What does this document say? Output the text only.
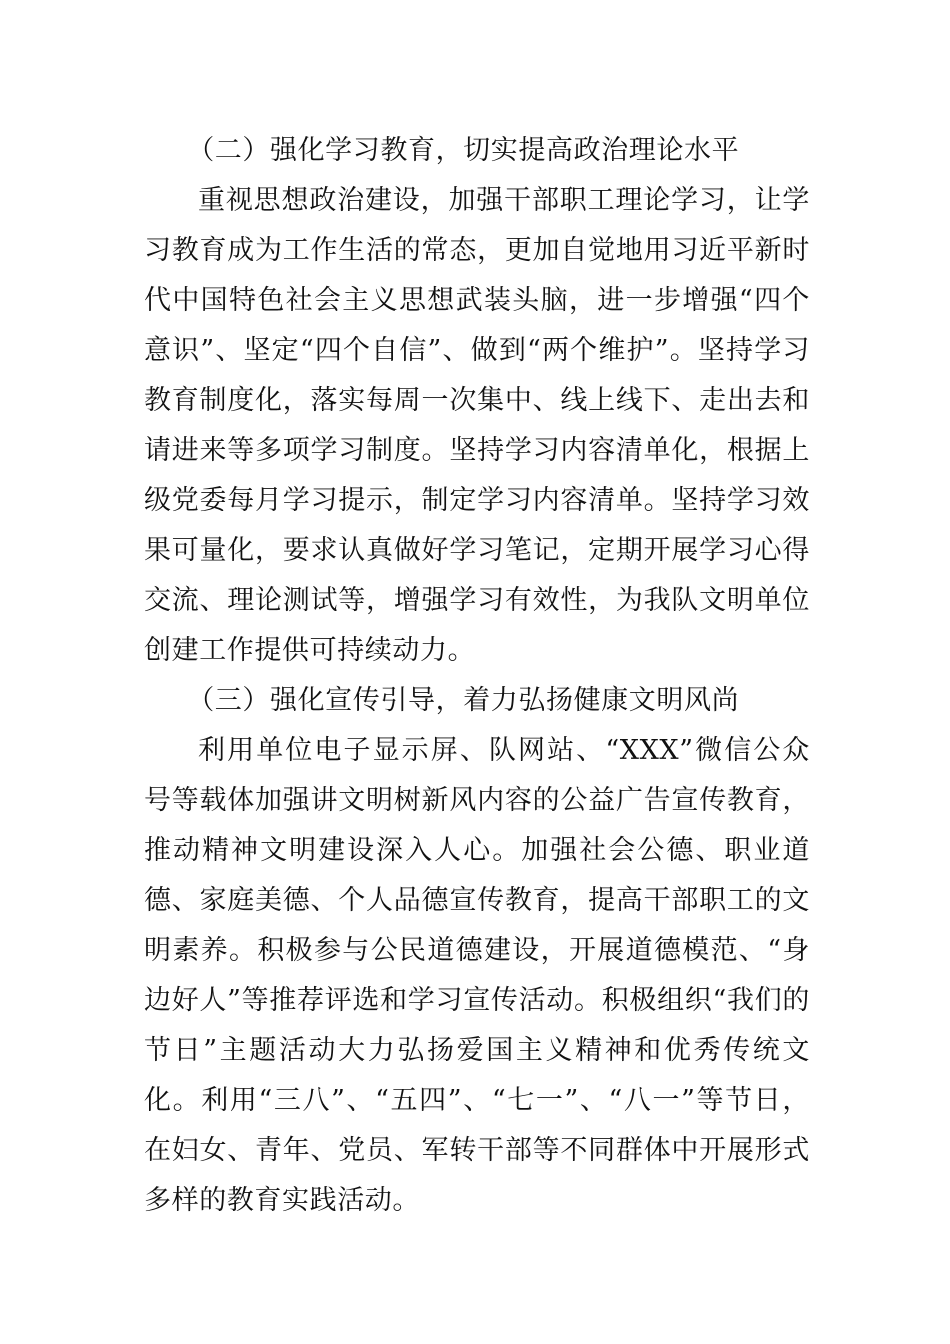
（二）强化学习教育，切实提高政治理论水平

重视思想政治建设，加强干部职工理论学习，让学习教育成为工作生活的常态，更加自觉地用习近平新时代中国特色社会主义思想武装头脑，进一步增强“四个意识”、坚定“四个自信”、做到“两个维护”。坚持学习教育制度化，落实每周一次集中、线上线下、走出去和请进来等多项学习制度。坚持学习内容清单化，根据上级党委每月学习提示，制定学习内容清单。坚持学习效果可量化，要求认真做好学习笔记，定期开展学习心得交流、理论测试等，增强学习有效性，为我队文明单位创建工作提供可持续动力。

（三）强化宣传引导，着力弘扬健康文明风尚

利用单位电子显示屏、队网站、“XXX”微信公众号等载体加强讲文明树新风内容的公益广告宣传教育，推动精神文明建设深入人心。加强社会公德、职业道德、家庭美德、个人品德宣传教育，提高干部职工的文明素养。积极参与公民道德建设，开展道德模范、“身边好人”等推荐评选和学习宣传活动。积极组织“我们的节日”主题活动大力弘扬爱国主义精神和优秀传统文化。利用“三八”、“五四”、“七一”、“八一”等节日，在妇女、青年、党员、军转干部等不同群体中开展形式多样的教育实践活动。
